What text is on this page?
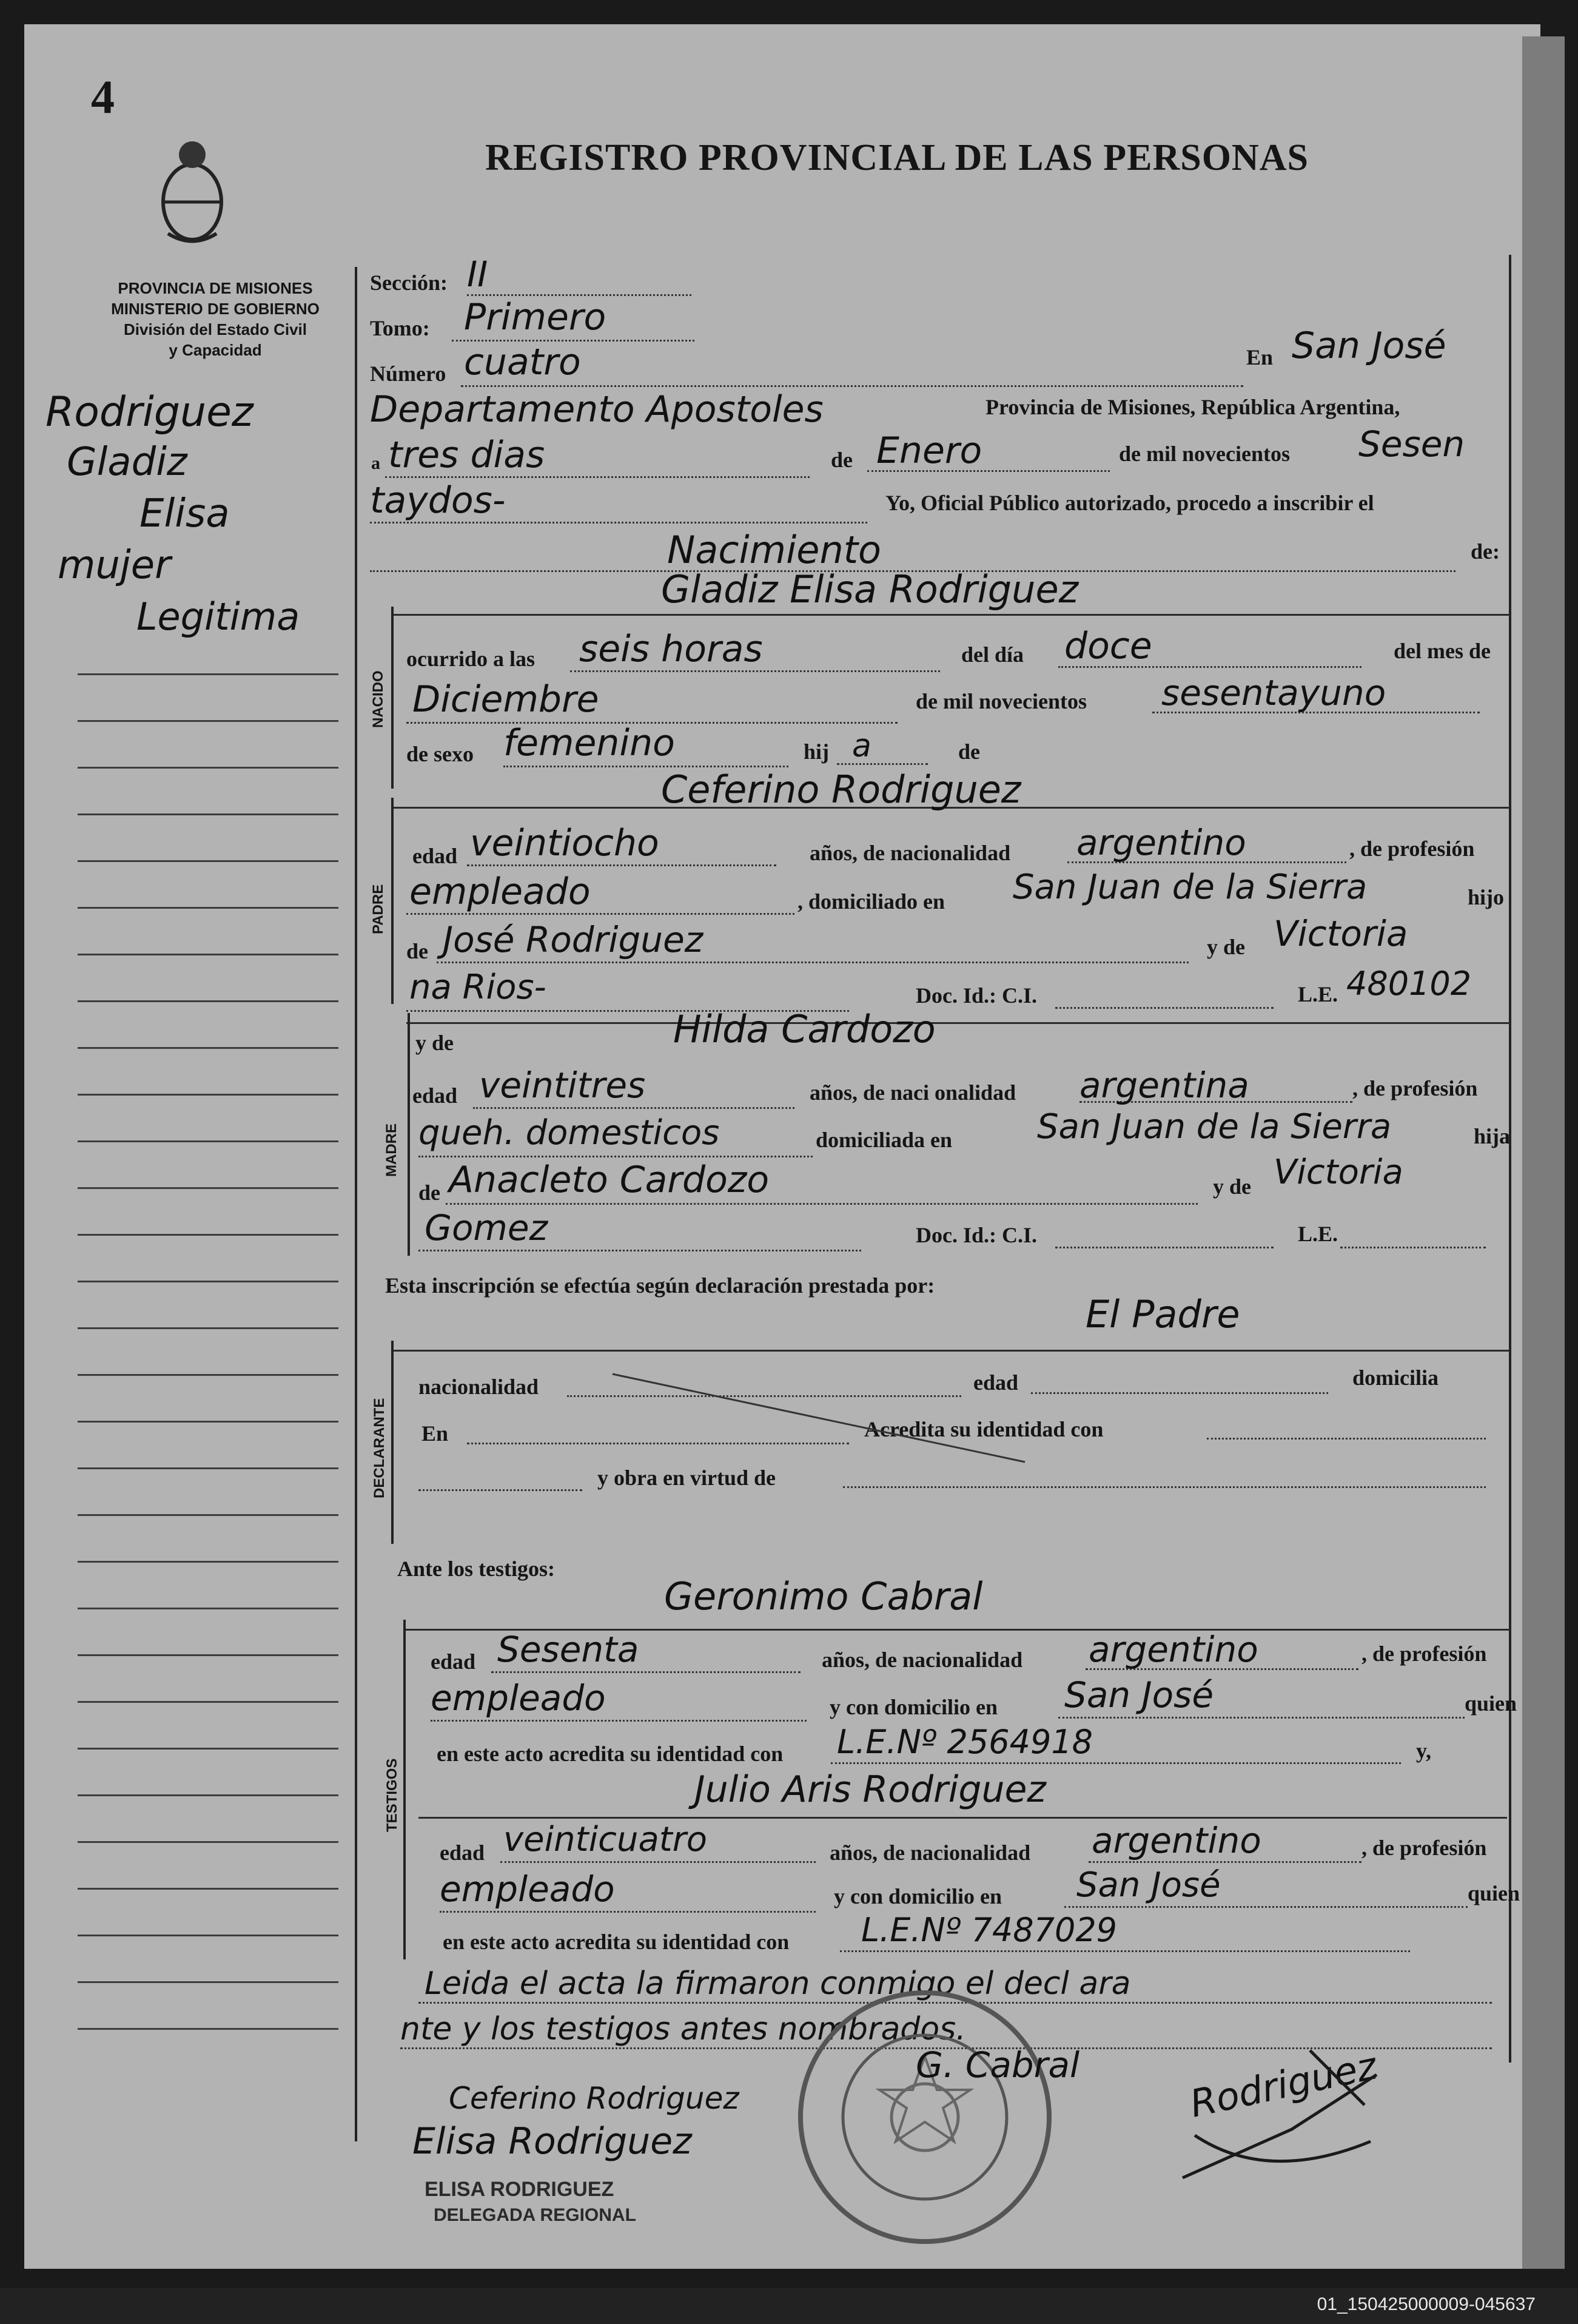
01_150425000009-045637
4
REGISTRO PROVINCIAL DE LAS PERSONAS
PROVINCIA DE MISIONES
MINISTERIO DE GOBIERNO
División del Estado Civil
y Capacidad
Rodriguez
Gladiz
Elisa
mujer
Legitima
Sección: II
Tomo: Primero
Número cuatro	En San José
Departamento Apostoles	Provincia de Misiones, República Argentina,
a tres dias	de Enero	de mil novecientos Sesen
taydos-	Yo, Oficial Público autorizado, procedo a inscribir el
Nacimiento	de:
NACIDO
Gladiz Elisa Rodriguez
ocurrido a las seis horas	del día doce	del mes de
Diciembre	de mil novecientos sesentayuno
de sexo femenino	hij a	de
PADRE
Ceferino Rodriguez
edad veintiocho	años, de nacionalidad argentino	, de profesión
empleado	, domiciliado en San Juan de la Sierra	hijo
de José Rodriguez	y de Victoria
na Rios-	Doc. Id.: C.I.	L.E. 480102
MADRE
y de	Hilda Cardozo
edad veintitres	años, de naci onalidad argentina	, de profesión
queh. domesticos	domiciliada en San Juan de la Sierra	hija
de Anacleto Cardozo	y de Victoria
Gomez	Doc. Id.: C.I.	L.E.
Esta inscripción se efectúa según declaración prestada por:
El Padre
DECLARANTE
nacionalidad	edad	domicilia
En	Acredita su identidad con
y obra en virtud de
Ante los testigos:
Geronimo Cabral
TESTIGOS
edad Sesenta	años, de nacionalidad argentino	, de profesión
empleado	y con domicilio en San José	quien
en este acto acredita su identidad con L.E.Nº 2564918	y,
Julio Aris Rodriguez
edad veinticuatro	años, de nacionalidad argentino	, de profesión
empleado	y con domicilio en San José	quien
en este acto acredita su identidad con L.E.Nº 7487029
Leida el acta la firmaron conmigo el decl ara
nte y los testigos antes nombrados.
G. Cabral	Rodriguez
Ceferino Rodriguez
Elisa Rodriguez
ELISA RODRIGUEZ
DELEGADA REGIONAL
